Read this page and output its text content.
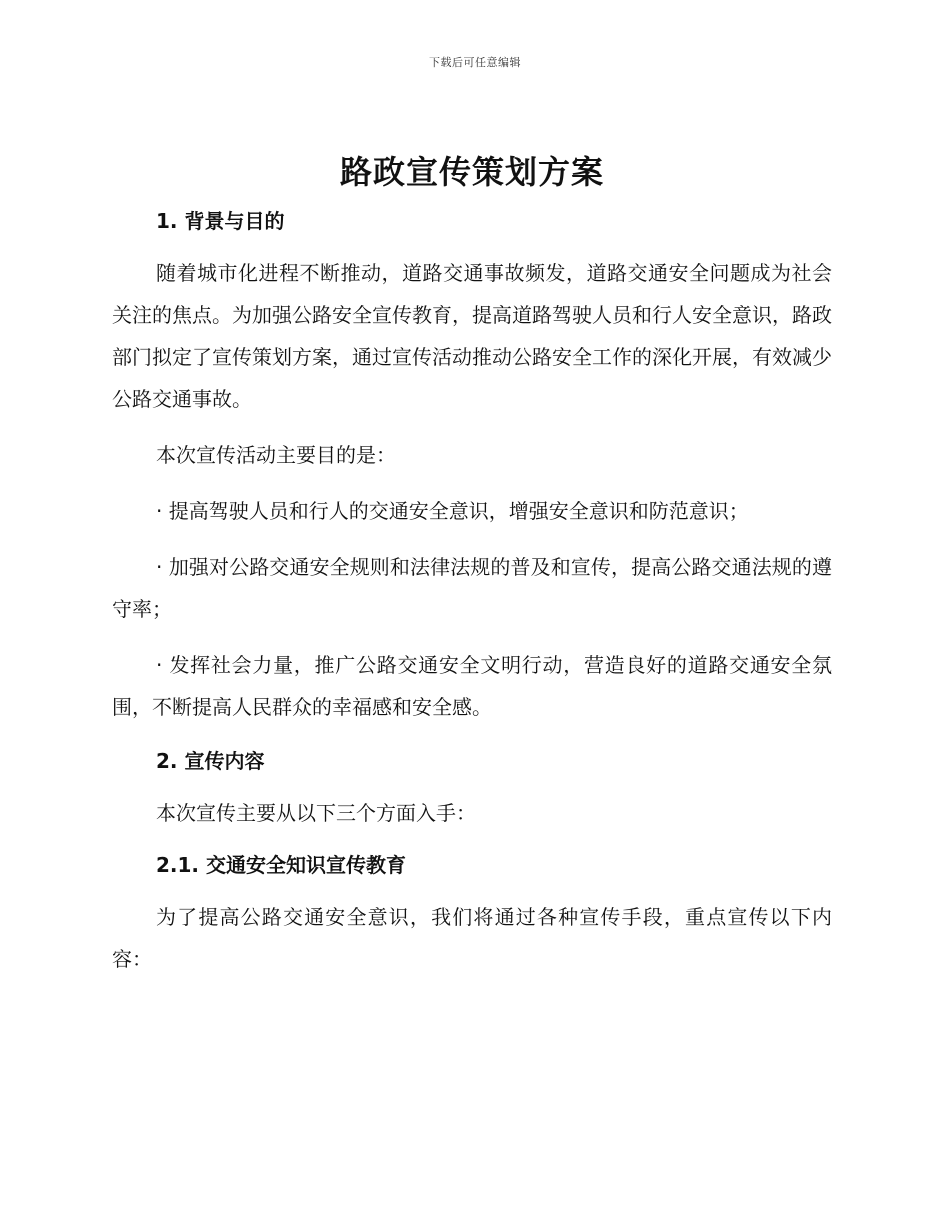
下载后可任意编辑
路政宣传策划方案
1. 背景与目的

随着城市化进程不断推动，道路交通事故频发，道路交通安全问题成为社会关注的焦点。为加强公路安全宣传教育，提高道路驾驶人员和行人安全意识，路政部门拟定了宣传策划方案，通过宣传活动推动公路安全工作的深化开展，有效减少公路交通事故。

本次宣传活动主要目的是：

· 提高驾驶人员和行人的交通安全意识，增强安全意识和防范意识；

· 加强对公路交通安全规则和法律法规的普及和宣传，提高公路交通法规的遵守率；

· 发挥社会力量，推广公路交通安全文明行动，营造良好的道路交通安全氛围，不断提高人民群众的幸福感和安全感。

2. 宣传内容

本次宣传主要从以下三个方面入手：

2.1. 交通安全知识宣传教育

为了提高公路交通安全意识，我们将通过各种宣传手段，重点宣传以下内容：
